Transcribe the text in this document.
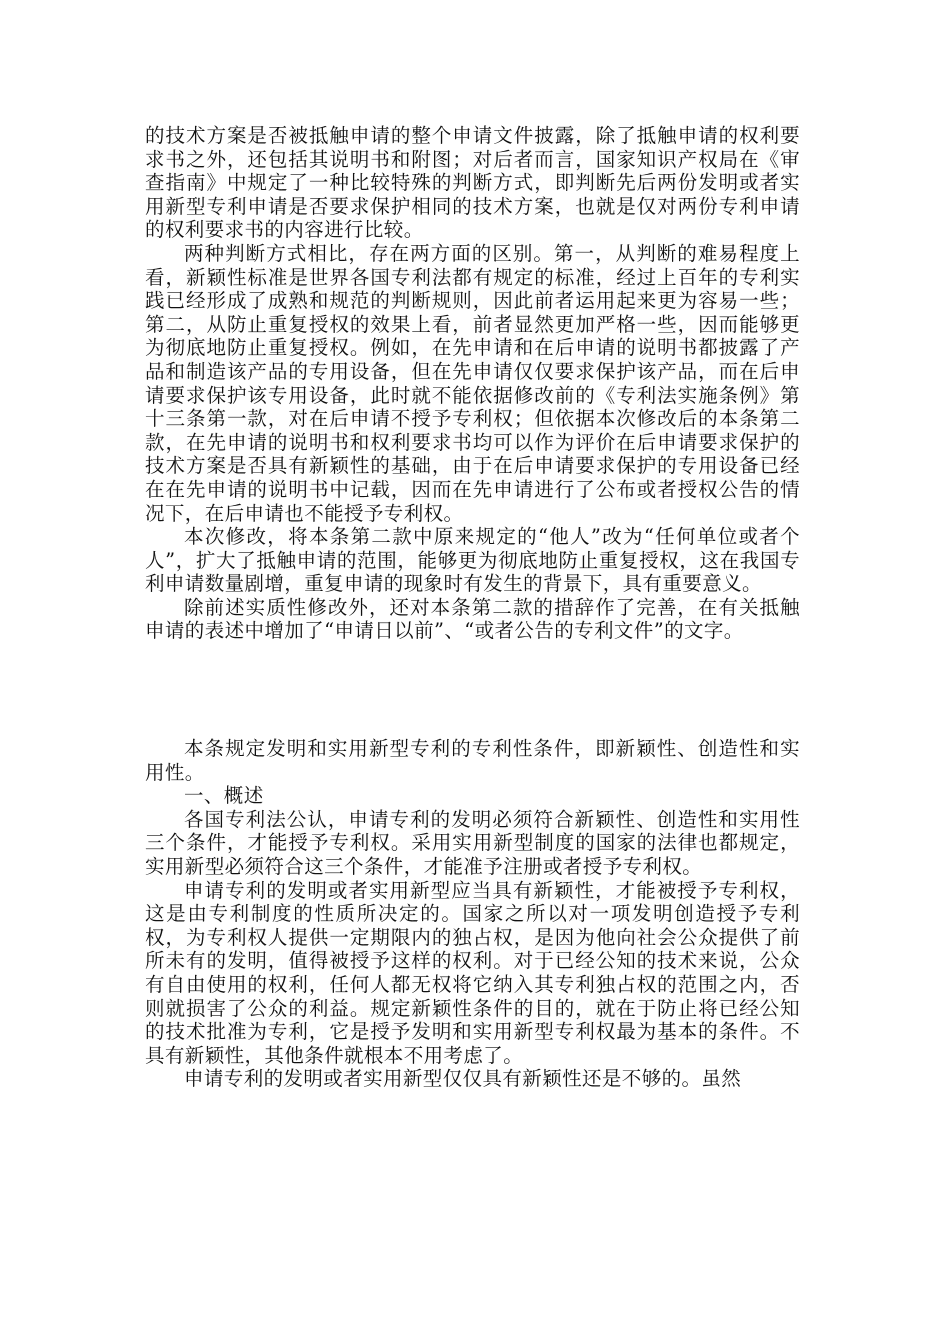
的技术方案是否被抵触申请的整个申请文件披露，除了抵触申请的权利要求书之外，还包括其说明书和附图；对后者而言，国家知识产权局在《审查指南》中规定了一种比较特殊的判断方式，即判断先后两份发明或者实用新型专利申请是否要求保护相同的技术方案，也就是仅对两份专利申请的权利要求书的内容进行比较。

两种判断方式相比，存在两方面的区别。第一，从判断的难易程度上看，新颖性标准是世界各国专利法都有规定的标准，经过上百年的专利实践已经形成了成熟和规范的判断规则，因此前者运用起来更为容易一些；第二，从防止重复授权的效果上看，前者显然更加严格一些，因而能够更为彻底地防止重复授权。例如，在先申请和在后申请的说明书都披露了产品和制造该产品的专用设备，但在先申请仅仅要求保护该产品，而在后申请要求保护该专用设备，此时就不能依据修改前的《专利法实施条例》第十三条第一款，对在后申请不授予专利权；但依据本次修改后的本条第二款，在先申请的说明书和权利要求书均可以作为评价在后申请要求保护的技术方案是否具有新颖性的基础，由于在后申请要求保护的专用设备已经在在先申请的说明书中记载，因而在先申请进行了公布或者授权公告的情况下，在后申请也不能授予专利权。

本次修改，将本条第二款中原来规定的“他人”改为“任何单位或者个人”，扩大了抵触申请的范围，能够更为彻底地防止重复授权，这在我国专利申请数量剧增，重复申请的现象时有发生的背景下，具有重要意义。

除前述实质性修改外，还对本条第二款的措辞作了完善，在有关抵触申请的表述中增加了“申请日以前”、“或者公告的专利文件”的文字。

本条规定发明和实用新型专利的专利性条件，即新颖性、创造性和实用性。

一、概述

各国专利法公认，申请专利的发明必须符合新颖性、创造性和实用性三个条件，才能授予专利权。采用实用新型制度的国家的法律也都规定，实用新型必须符合这三个条件，才能准予注册或者授予专利权。

申请专利的发明或者实用新型应当具有新颖性，才能被授予专利权，这是由专利制度的性质所决定的。国家之所以对一项发明创造授予专利权，为专利权人提供一定期限内的独占权，是因为他向社会公众提供了前所未有的发明，值得被授予这样的权利。对于已经公知的技术来说，公众有自由使用的权利，任何人都无权将它纳入其专利独占权的范围之内，否则就损害了公众的利益。规定新颖性条件的目的，就在于防止将已经公知的技术批准为专利，它是授予发明和实用新型专利权最为基本的条件。不具有新颖性，其他条件就根本不用考虑了。

申请专利的发明或者实用新型仅仅具有新颖性还是不够的。虽然
